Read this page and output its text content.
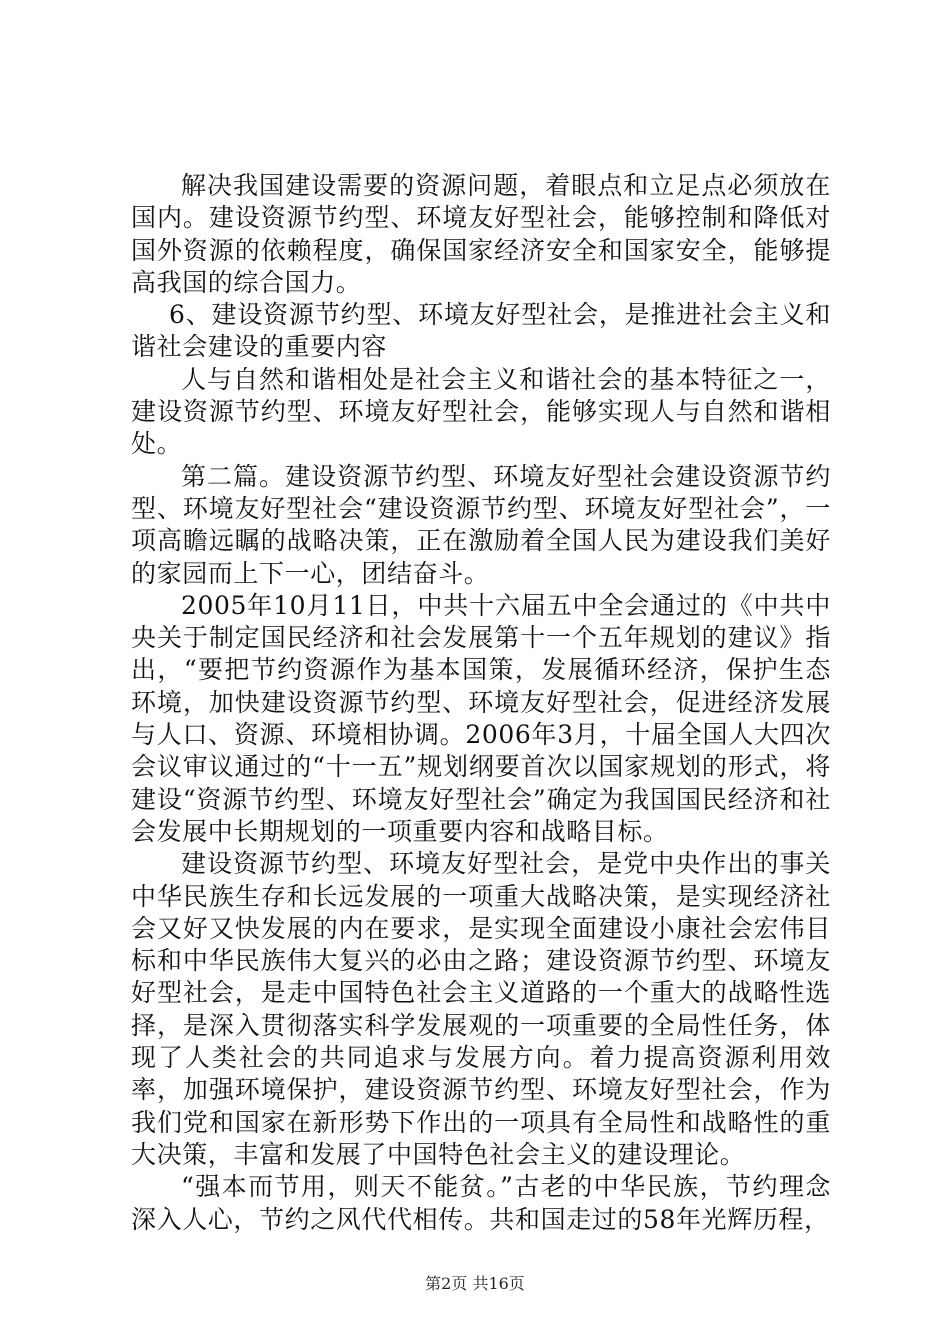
解决我国建设需要的资源问题，着眼点和立足点必须放在国内。建设资源节约型、环境友好型社会，能够控制和降低对国外资源的依赖程度，确保国家经济安全和国家安全，能够提高我国的综合国力。

6、建设资源节约型、环境友好型社会，是推进社会主义和谐社会建设的重要内容

人与自然和谐相处是社会主义和谐社会的基本特征之一，建设资源节约型、环境友好型社会，能够实现人与自然和谐相处。

第二篇。建设资源节约型、环境友好型社会建设资源节约型、环境友好型社会“建设资源节约型、环境友好型社会”，一项高瞻远瞩的战略决策，正在激励着全国人民为建设我们美好的家园而上下一心，团结奋斗。

2005年10月11日，中共十六届五中全会通过的《中共中央关于制定国民经济和社会发展第十一个五年规划的建议》指出，“要把节约资源作为基本国策，发展循环经济，保护生态环境，加快建设资源节约型、环境友好型社会，促进经济发展与人口、资源、环境相协调。2006年3月，十届全国人大四次会议审议通过的“十一五”规划纲要首次以国家规划的形式，将建设“资源节约型、环境友好型社会”确定为我国国民经济和社会发展中长期规划的一项重要内容和战略目标。

建设资源节约型、环境友好型社会，是党中央作出的事关中华民族生存和长远发展的一项重大战略决策，是实现经济社会又好又快发展的内在要求，是实现全面建设小康社会宏伟目标和中华民族伟大复兴的必由之路；建设资源节约型、环境友好型社会，是走中国特色社会主义道路的一个重大的战略性选择，是深入贯彻落实科学发展观的一项重要的全局性任务，体现了人类社会的共同追求与发展方向。着力提高资源利用效率，加强环境保护，建设资源节约型、环境友好型社会，作为我们党和国家在新形势下作出的一项具有全局性和战略性的重大决策，丰富和发展了中国特色社会主义的建设理论。

“强本而节用，则天不能贫。”古老的中华民族，节约理念深入人心，节约之风代代相传。共和国走过的58年光辉历程，

第2页 共16页
